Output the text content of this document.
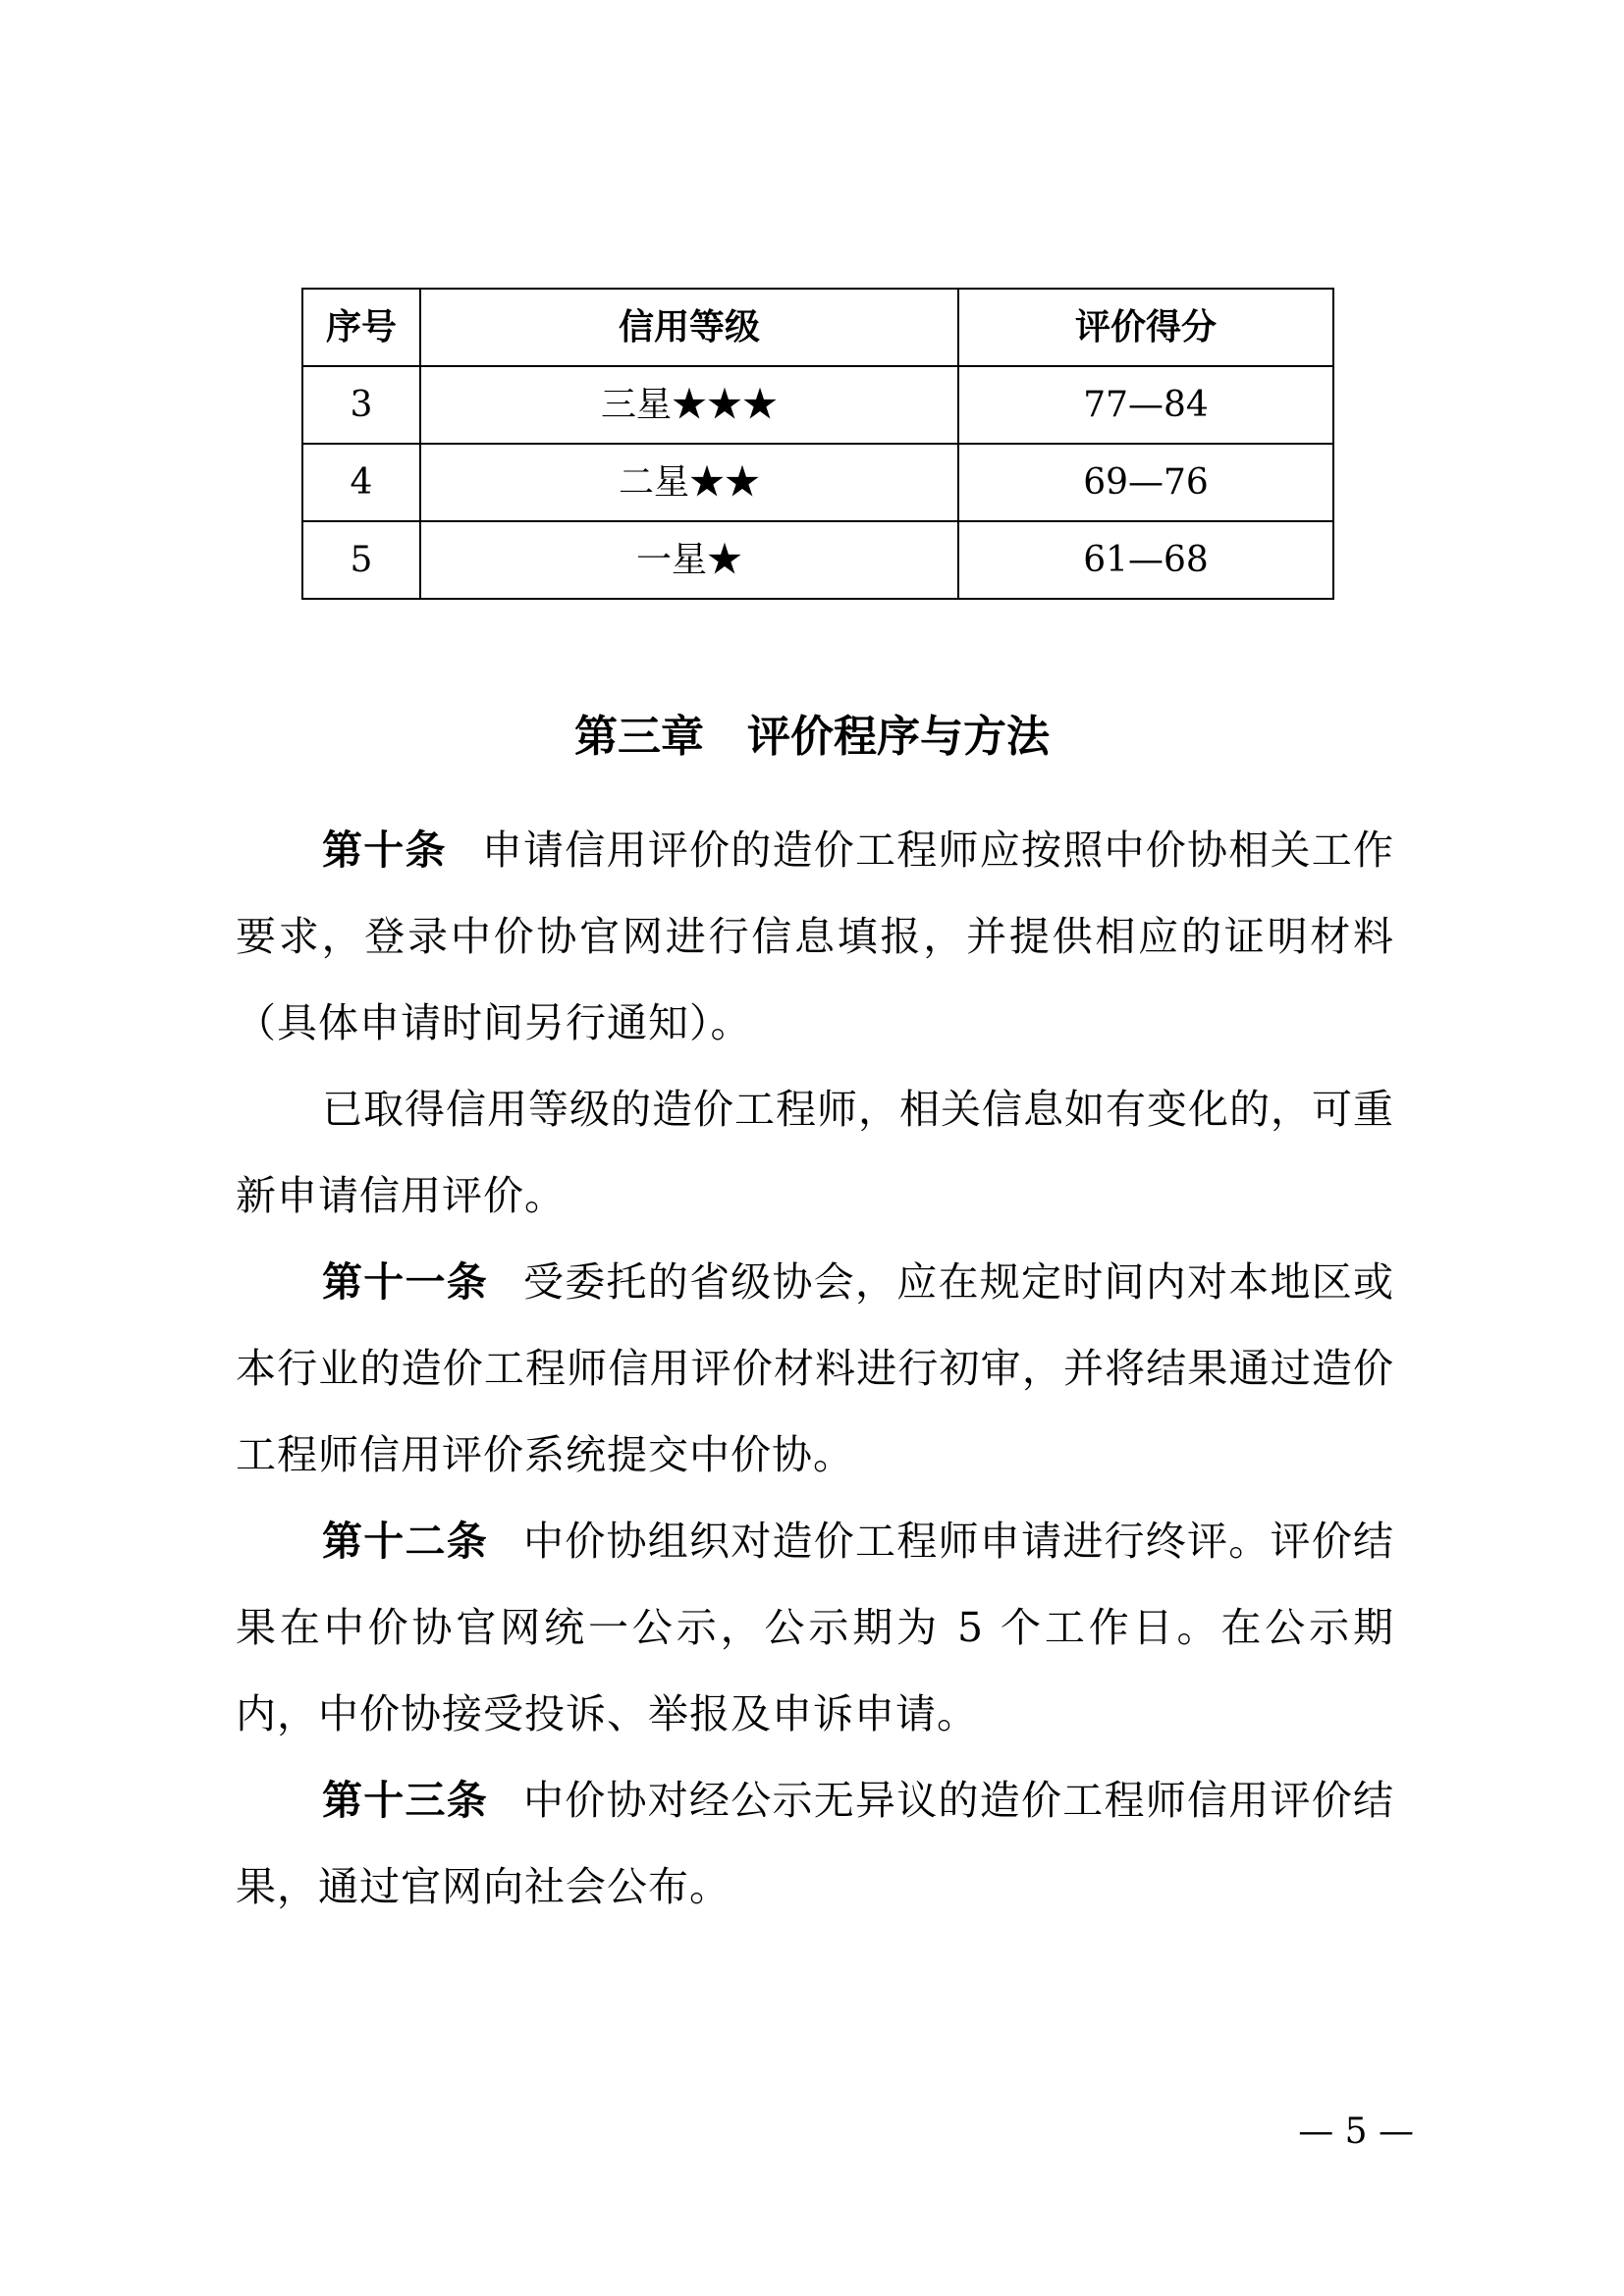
序号	信用等级	评价得分
3	三星★★★	77—84
4	二星★★	69—76
5	一星★	61—68
第三章　评价程序与方法

第十条 申请信用评价的造价工程师应按照中价协相关工作要求，登录中价协官网进行信息填报，并提供相应的证明材料（具体申请时间另行通知）。

已取得信用等级的造价工程师，相关信息如有变化的，可重新申请信用评价。

第十一条 受委托的省级协会，应在规定时间内对本地区或本行业的造价工程师信用评价材料进行初审，并将结果通过造价工程师信用评价系统提交中价协。

第十二条 中价协组织对造价工程师申请进行终评。评价结果在中价协官网统一公示，公示期为 5 个工作日。在公示期内，中价协接受投诉、举报及申诉申请。

第十三条 中价协对经公示无异议的造价工程师信用评价结果，通过官网向社会公布。

— 5 —
